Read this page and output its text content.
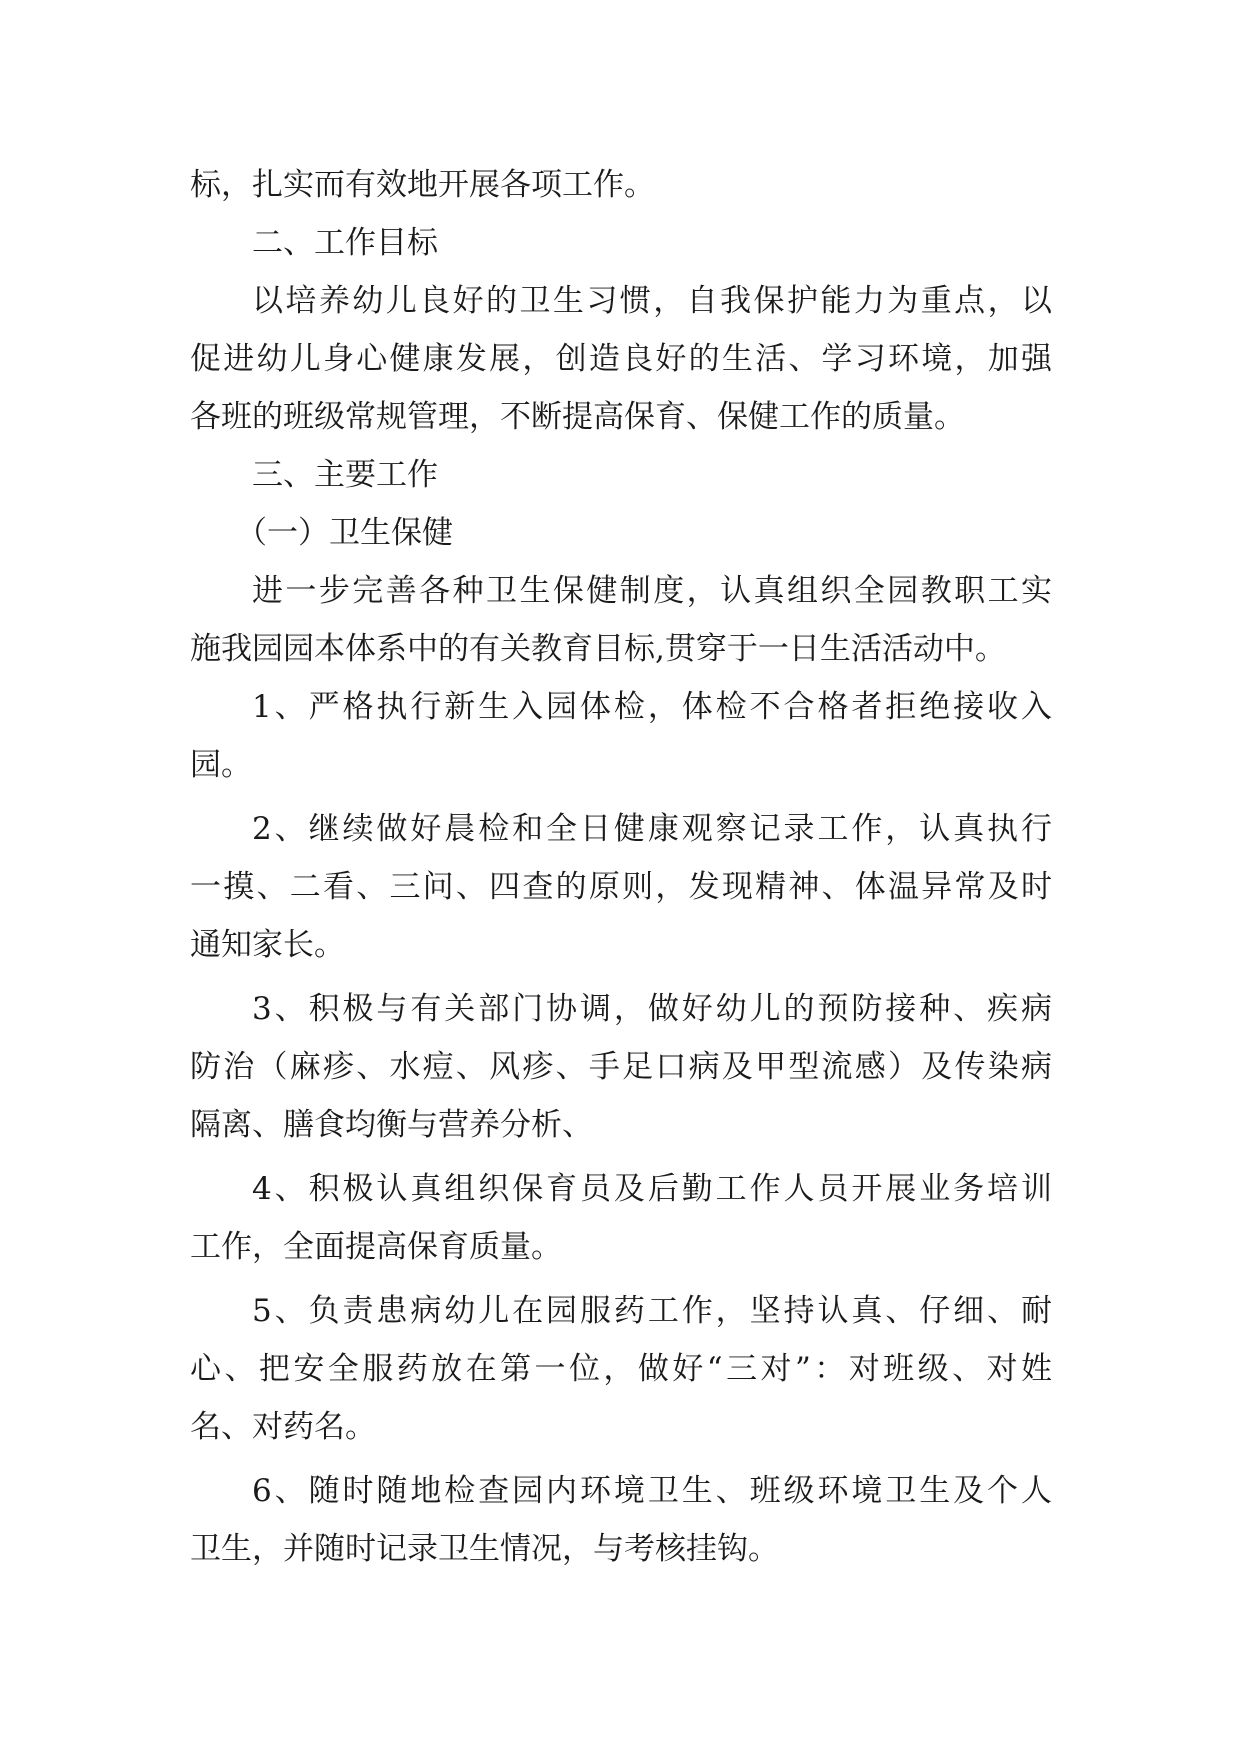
标，扎实而有效地开展各项工作。
二、工作目标
以培养幼儿良好的卫生习惯，自我保护能力为重点，以
促进幼儿身心健康发展，创造良好的生活、学习环境，加强
各班的班级常规管理，不断提高保育、保健工作的质量。
三、主要工作
（一）卫生保健
进一步完善各种卫生保健制度，认真组织全园教职工实
施我园园本体系中的有关教育目标,贯穿于一日生活活动中。
1、严格执行新生入园体检，体检不合格者拒绝接收入
园。
2、继续做好晨检和全日健康观察记录工作，认真执行
一摸、二看、三问、四查的原则，发现精神、体温异常及时
通知家长。
3、积极与有关部门协调，做好幼儿的预防接种、疾病
防治（麻疹、水痘、风疹、手足口病及甲型流感）及传染病
隔离、膳食均衡与营养分析、
4、积极认真组织保育员及后勤工作人员开展业务培训
工作，全面提高保育质量。
5、负责患病幼儿在园服药工作，坚持认真、仔细、耐
心、把安全服药放在第一位，做好“三对”：对班级、对姓
名、对药名。
6、随时随地检查园内环境卫生、班级环境卫生及个人
卫生，并随时记录卫生情况，与考核挂钩。
